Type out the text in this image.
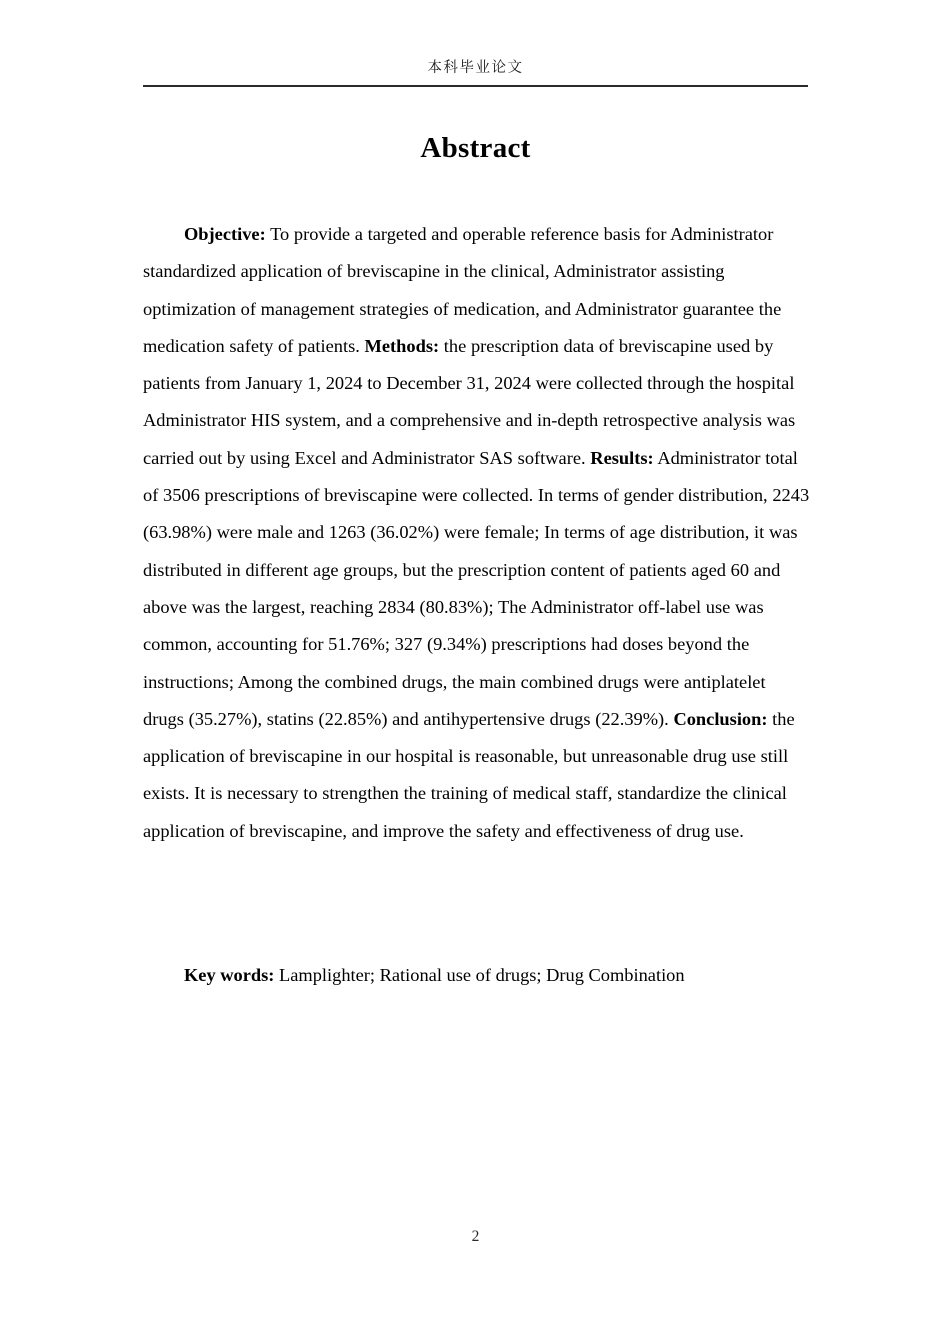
本科毕业论文
Abstract

Objective: To provide a targeted and operable reference basis for Administrator standardized application of breviscapine in the clinical, Administrator assisting optimization of management strategies of medication, and Administrator guarantee the medication safety of patients. Methods: the prescription data of breviscapine used by patients from January 1, 2024 to December 31, 2024 were collected through the hospital Administrator HIS system, and a comprehensive and in-depth retrospective analysis was carried out by using Excel and Administrator SAS software. Results: Administrator total of 3506 prescriptions of breviscapine were collected. In terms of gender distribution, 2243 (63.98%) were male and 1263 (36.02%) were female; In terms of age distribution, it was distributed in different age groups, but the prescription content of patients aged 60 and above was the largest, reaching 2834 (80.83%); The Administrator off-label use was common, accounting for 51.76%; 327 (9.34%) prescriptions had doses beyond the instructions; Among the combined drugs, the main combined drugs were antiplatelet drugs (35.27%), statins (22.85%) and antihypertensive drugs (22.39%). Conclusion: the application of breviscapine in our hospital is reasonable, but unreasonable drug use still exists. It is necessary to strengthen the training of medical staff, standardize the clinical application of breviscapine, and improve the safety and effectiveness of drug use.

Key words: Lamplighter; Rational use of drugs; Drug Combination

2
